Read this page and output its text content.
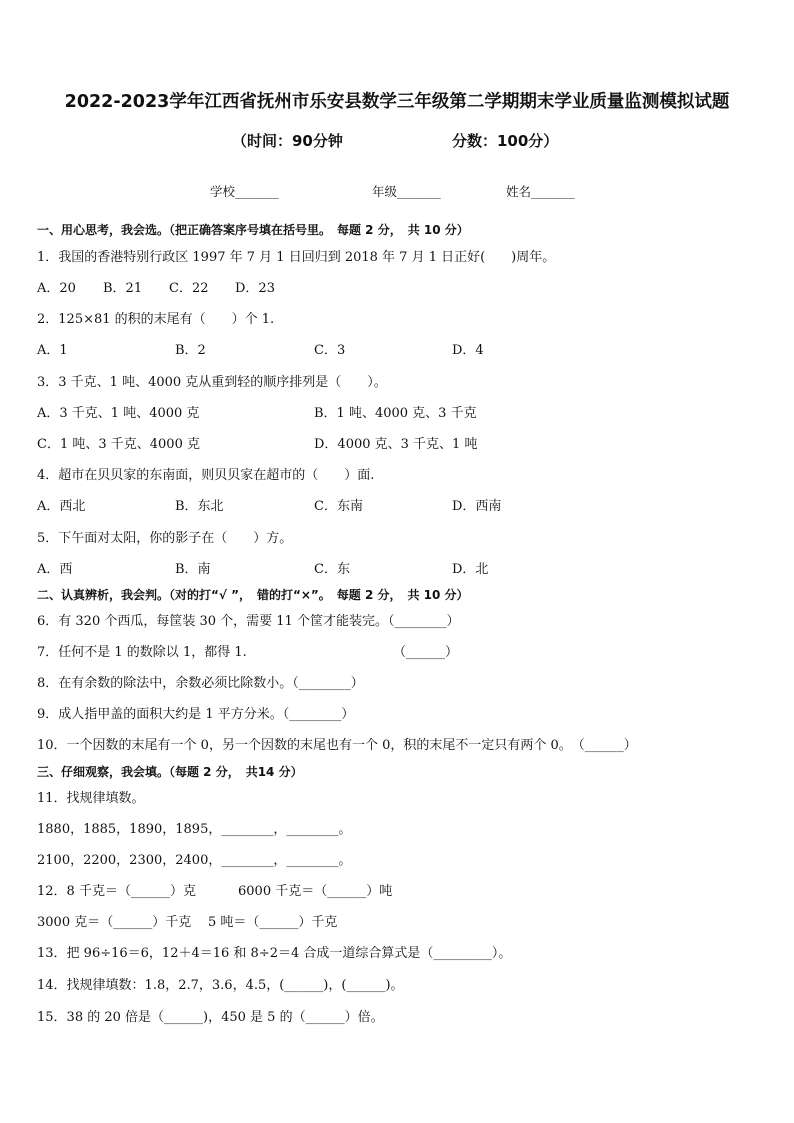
2022-2023学年江西省抚州市乐安县数学三年级第二学期期末学业质量监测模拟试题
（时间：90分钟	分数：100分）
学校_______	年级_______	姓名_______
一、用心思考，我会选。（把正确答案序号填在括号里。　每题 2 分，　共 10 分）
1．我国的香港特别行政区 1997 年 7 月 1 日回归到 2018 年 7 月 1 日正好(　　)周年。
A．20 B．21 C．22 D．23
2．125×81 的积的末尾有（　　）个 1.
A．1	B．2	C．3	D．4
3．3 千克、1 吨、4000 克从重到轻的顺序排列是（　　）。
A．3 千克、1 吨、4000 克	B．1 吨、4000 克、3 千克
C．1 吨、3 千克、4000 克	D．4000 克、3 千克、1 吨
4．超市在贝贝家的东南面，则贝贝家在超市的（　　）面.
A．西北	B．东北	C．东南	D．西南
5．下午面对太阳，你的影子在（　　）方。
A．西	B．南	C．东	D．北
二、认真辨析，我会判。（对的打“√ ”，　错的打“×”。　每题 2 分，　共 10 分）
6．有 320 个西瓜，每筐装 30 个，需要 11 个筐才能装完。（________）
7．任何不是 1 的数除以 1，都得 1.	（______）
8．在有余数的除法中，余数必须比除数小。（________）
9．成人指甲盖的面积大约是 1 平方分米。（________）
10．一个因数的末尾有一个 0，另一个因数的末尾也有一个 0，积的末尾不一定只有两个 0。　（______）
三、仔细观察，我会填。（每题 2 分，　共14 分）
11．找规律填数。
1880，1885，1890，1895，________，________。
2100，2200，2300，2400，________，________。
12．8 千克＝（______）克	6000 千克＝（______）吨
3000 克＝（______）千克 5 吨＝（______）千克
13．把 96÷16＝6，12＋4＝16 和 8÷2＝4 合成一道综合算式是（_________）。
14．找规律填数：1.8，2.7，3.6，4.5，(______)，(______)。
15．38 的 20 倍是（______)，450 是 5 的（______）倍。
